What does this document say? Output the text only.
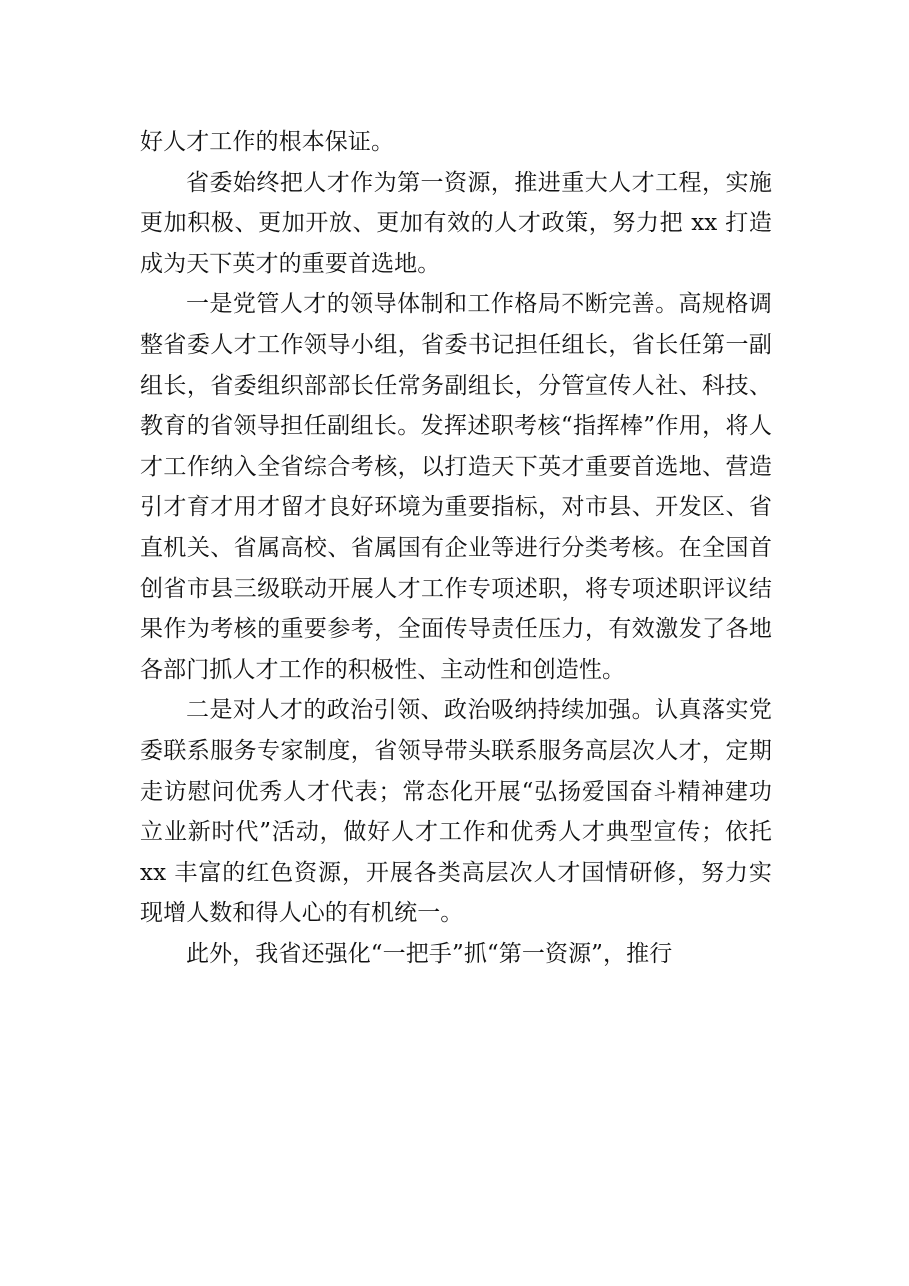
好人才工作的根本保证。

省委始终把人才作为第一资源，推进重大人才工程，实施更加积极、更加开放、更加有效的人才政策，努力把 xx 打造成为天下英才的重要首选地。

一是党管人才的领导体制和工作格局不断完善。高规格调整省委人才工作领导小组，省委书记担任组长，省长任第一副组长，省委组织部部长任常务副组长，分管宣传人社、科技、教育的省领导担任副组长。发挥述职考核“指挥棒”作用，将人才工作纳入全省综合考核，以打造天下英才重要首选地、营造引才育才用才留才良好环境为重要指标，对市县、开发区、省直机关、省属高校、省属国有企业等进行分类考核。在全国首创省市县三级联动开展人才工作专项述职，将专项述职评议结果作为考核的重要参考，全面传导责任压力，有效激发了各地各部门抓人才工作的积极性、主动性和创造性。

二是对人才的政治引领、政治吸纳持续加强。认真落实党委联系服务专家制度，省领导带头联系服务高层次人才，定期走访慰问优秀人才代表；常态化开展“弘扬爱国奋斗精神建功立业新时代”活动，做好人才工作和优秀人才典型宣传；依托 xx 丰富的红色资源，开展各类高层次人才国情研修，努力实现增人数和得人心的有机统一。

此外，我省还强化“一把手”抓“第一资源”，推行
